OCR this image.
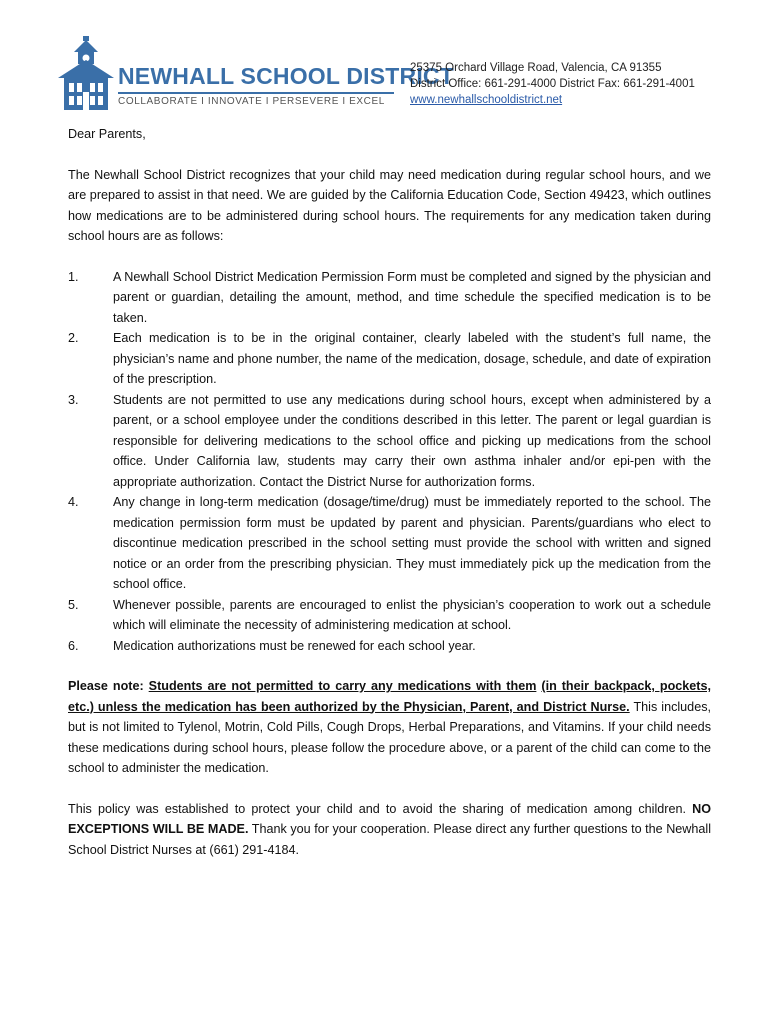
NEWHALL SCHOOL DISTRICT
COLLABORATE I INNOVATE I PERSEVERE I EXCEL
25375 Orchard Village Road, Valencia, CA 91355
District Office: 661-291-4000 District Fax: 661-291-4001
www.newhallschooldistrict.net

Dear Parents,

The Newhall School District recognizes that your child may need medication during regular school hours, and we are prepared to assist in that need. We are guided by the California Education Code, Section 49423, which outlines how medications are to be administered during school hours. The requirements for any medication taken during school hours are as follows:

1.	A Newhall School District Medication Permission Form must be completed and signed by the physician and parent or guardian, detailing the amount, method, and time schedule the specified medication is to be taken.
2.	Each medication is to be in the original container, clearly labeled with the student’s full name, the physician’s name and phone number, the name of the medication, dosage, schedule, and date of expiration of the prescription.
3.	Students are not permitted to use any medications during school hours, except when administered by a parent, or a school employee under the conditions described in this letter. The parent or legal guardian is responsible for delivering medications to the school office and picking up medications from the school office. Under California law, students may carry their own asthma inhaler and/or epi-pen with the appropriate authorization. Contact the District Nurse for authorization forms.
4.	Any change in long-term medication (dosage/time/drug) must be immediately reported to the school. The medication permission form must be updated by parent and physician. Parents/guardians who elect to discontinue medication prescribed in the school setting must provide the school with written and signed notice or an order from the prescribing physician. They must immediately pick up the medication from the school office.
5.	Whenever possible, parents are encouraged to enlist the physician’s cooperation to work out a schedule which will eliminate the necessity of administering medication at school.
6.	Medication authorizations must be renewed for each school year.

Please note: Students are not permitted to carry any medications with them (in their backpack, pockets, etc.) unless the medication has been authorized by the Physician, Parent, and District Nurse. This includes, but is not limited to Tylenol, Motrin, Cold Pills, Cough Drops, Herbal Preparations, and Vitamins. If your child needs these medications during school hours, please follow the procedure above, or a parent of the child can come to the school to administer the medication.

This policy was established to protect your child and to avoid the sharing of medication among children. NO EXCEPTIONS WILL BE MADE. Thank you for your cooperation. Please direct any further questions to the Newhall School District Nurses at (661) 291-4184.
